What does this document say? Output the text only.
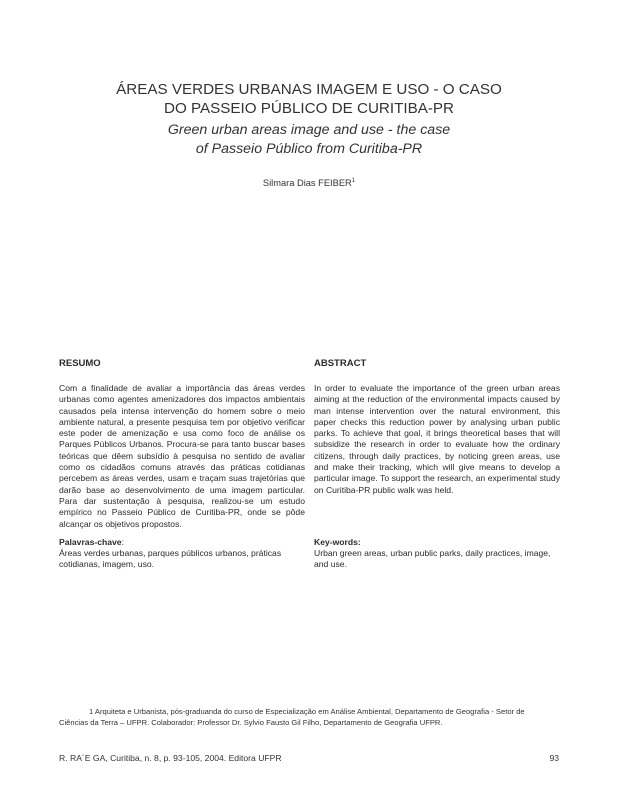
ÁREAS VERDES URBANAS IMAGEM E USO - O CASO
DO PASSEIO PÚBLICO DE CURITIBA-PR
Green urban areas image and use - the case
of Passeio Público from Curitiba-PR
Silmara Dias FEIBER$^1$
RESUMO

Com a finalidade de avaliar a importância das áreas verdes urbanas como agentes amenizadores dos impactos ambientais causados pela intensa intervenção do homem sobre o meio ambiente natural, a presente pesquisa tem por objetivo verificar este poder de amenização e usa como foco de análise os Parques Públicos Urbanos. Procura-se para tanto buscar bases teóricas que dêem subsídio à pesquisa no sentido de avaliar como os cidadãos comuns através das práticas cotidianas percebem as áreas verdes, usam e traçam suas trajetórias que darão base ao desenvolvimento de uma imagem particular. Para dar sustentação à pesquisa, realizou-se um estudo empírico no Passeio Público de Curitiba-PR, onde se pôde alcançar os objetivos propostos.

ABSTRACT

In order to evaluate the importance of the green urban areas aiming at the reduction of the environmental impacts caused by man intense intervention over the natural environment, this paper checks this reduction power by analysing urban public parks. To achieve that goal, it brings theoretical bases that will subsidize the research in order to evaluate how the ordinary citizens, through daily practices, by noticing green areas, use and make their tracking, which will give means to develop a particular image. To support the research, an experimental study on Curitiba-PR public walk was held.

Palavras-chave:

Áreas verdes urbanas, parques públicos urbanos, práticas cotidianas, imagem, uso.

Key-words:

Urban green areas, urban public parks, daily practices, image, and use.

1 Arquiteta e Urbanista, pós-graduanda do curso de Especialização em Análise Ambiental, Departamento de Geografia - Setor de
Ciências da Terra – UFPR. Colaborador: Professor Dr. Sylvio Fausto Gil Filho, Departamento de Geografia UFPR.
R. RA´E GA, Curitiba, n. 8, p. 93-105, 2004. Editora UFPR	93
